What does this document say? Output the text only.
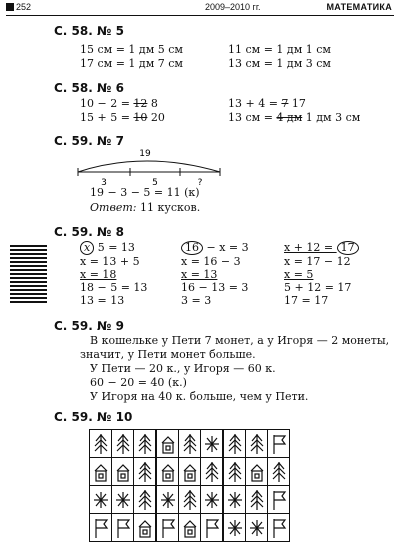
252	2009–2010 гг.	МАТЕМАТИКА
С. 58. № 5
15 см = 1 дм 5 см	11 см = 1 дм 1 см
17 см = 1 дм 7 см	13 см = 1 дм 3 см
С. 58. № 6
10 − 2 = 12 8	13 + 4 = 7 17
15 + 5 = 10 20	13 см = 4 дм 1 дм 3 см
С. 59. № 7
19
3	5	?
19 − 3 − 5 = 11 (к)
Ответ: 11 кусков.
С. 59. № 8
x 5 = 13
x = 13 + 5
x = 18
18 − 5 = 13
13 = 13
16 − x = 3
x = 16 − 3
x = 13
16 − 13 = 3
3 = 3
x + 12 = 17
x = 17 − 12
x = 5
5 + 12 = 17
17 = 17
С. 59. № 9
В кошельке у Пети 7 монет, а у Игоря — 2 монеты,
значит, у Пети монет больше.
У Пети — 20 к., у Игоря — 60 к.
60 − 20 = 40 (к.)
У Игоря на 40 к. больше, чем у Пети.
С. 59. № 10
